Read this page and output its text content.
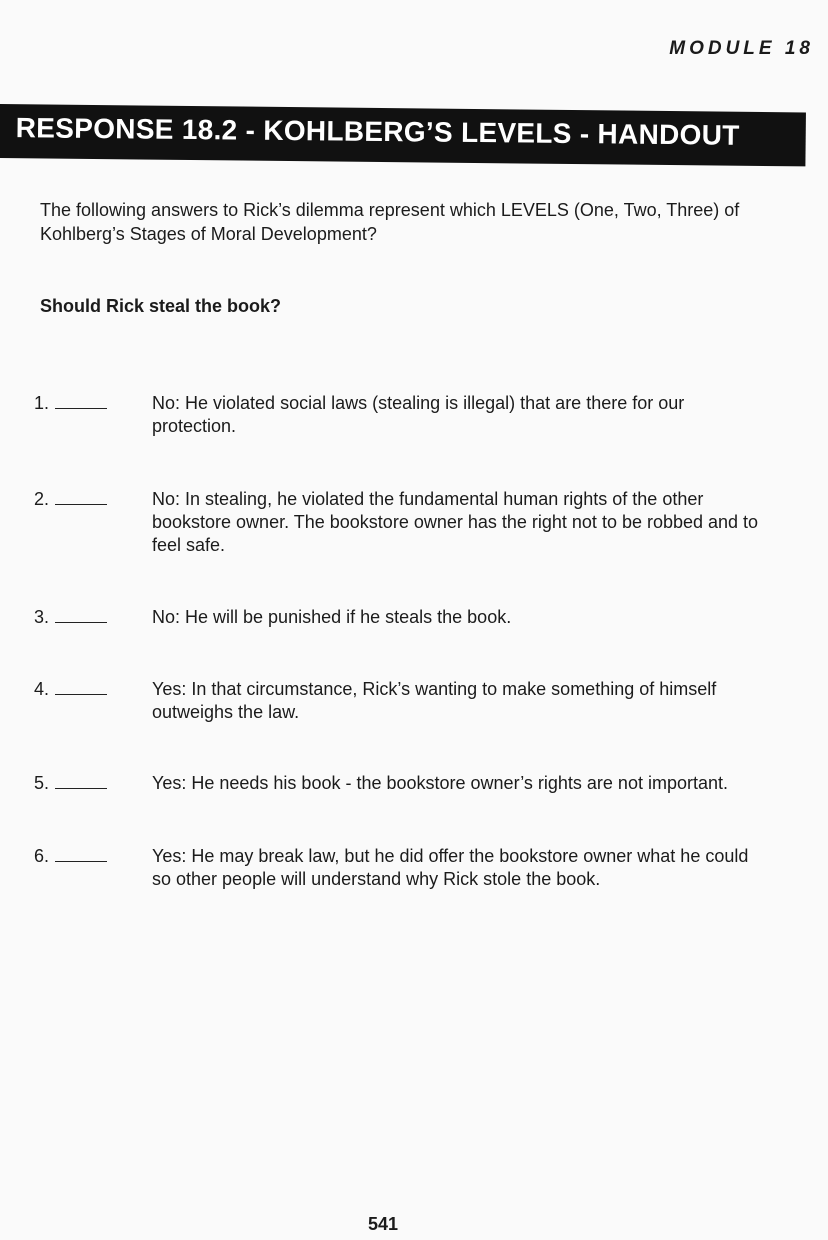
MODULE 18
RESPONSE 18.2 - KOHLBERG’S LEVELS - HANDOUT
The following answers to Rick’s dilemma represent which LEVELS (One, Two, Three) of Kohlberg’s Stages of Moral Development?
Should Rick steal the book?
1.	No: He violated social laws (stealing is illegal) that are there for our protection.
2.	No: In stealing, he violated the fundamental human rights of the other bookstore owner. The bookstore owner has the right not to be robbed and to feel safe.
3.	No: He will be punished if he steals the book.
4.	Yes: In that circumstance, Rick’s wanting to make something of himself outweighs the law.
5.	Yes: He needs his book - the bookstore owner’s rights are not important.
6.	Yes: He may break law, but he did offer the bookstore owner what he could so other people will understand why Rick stole the book.
541
